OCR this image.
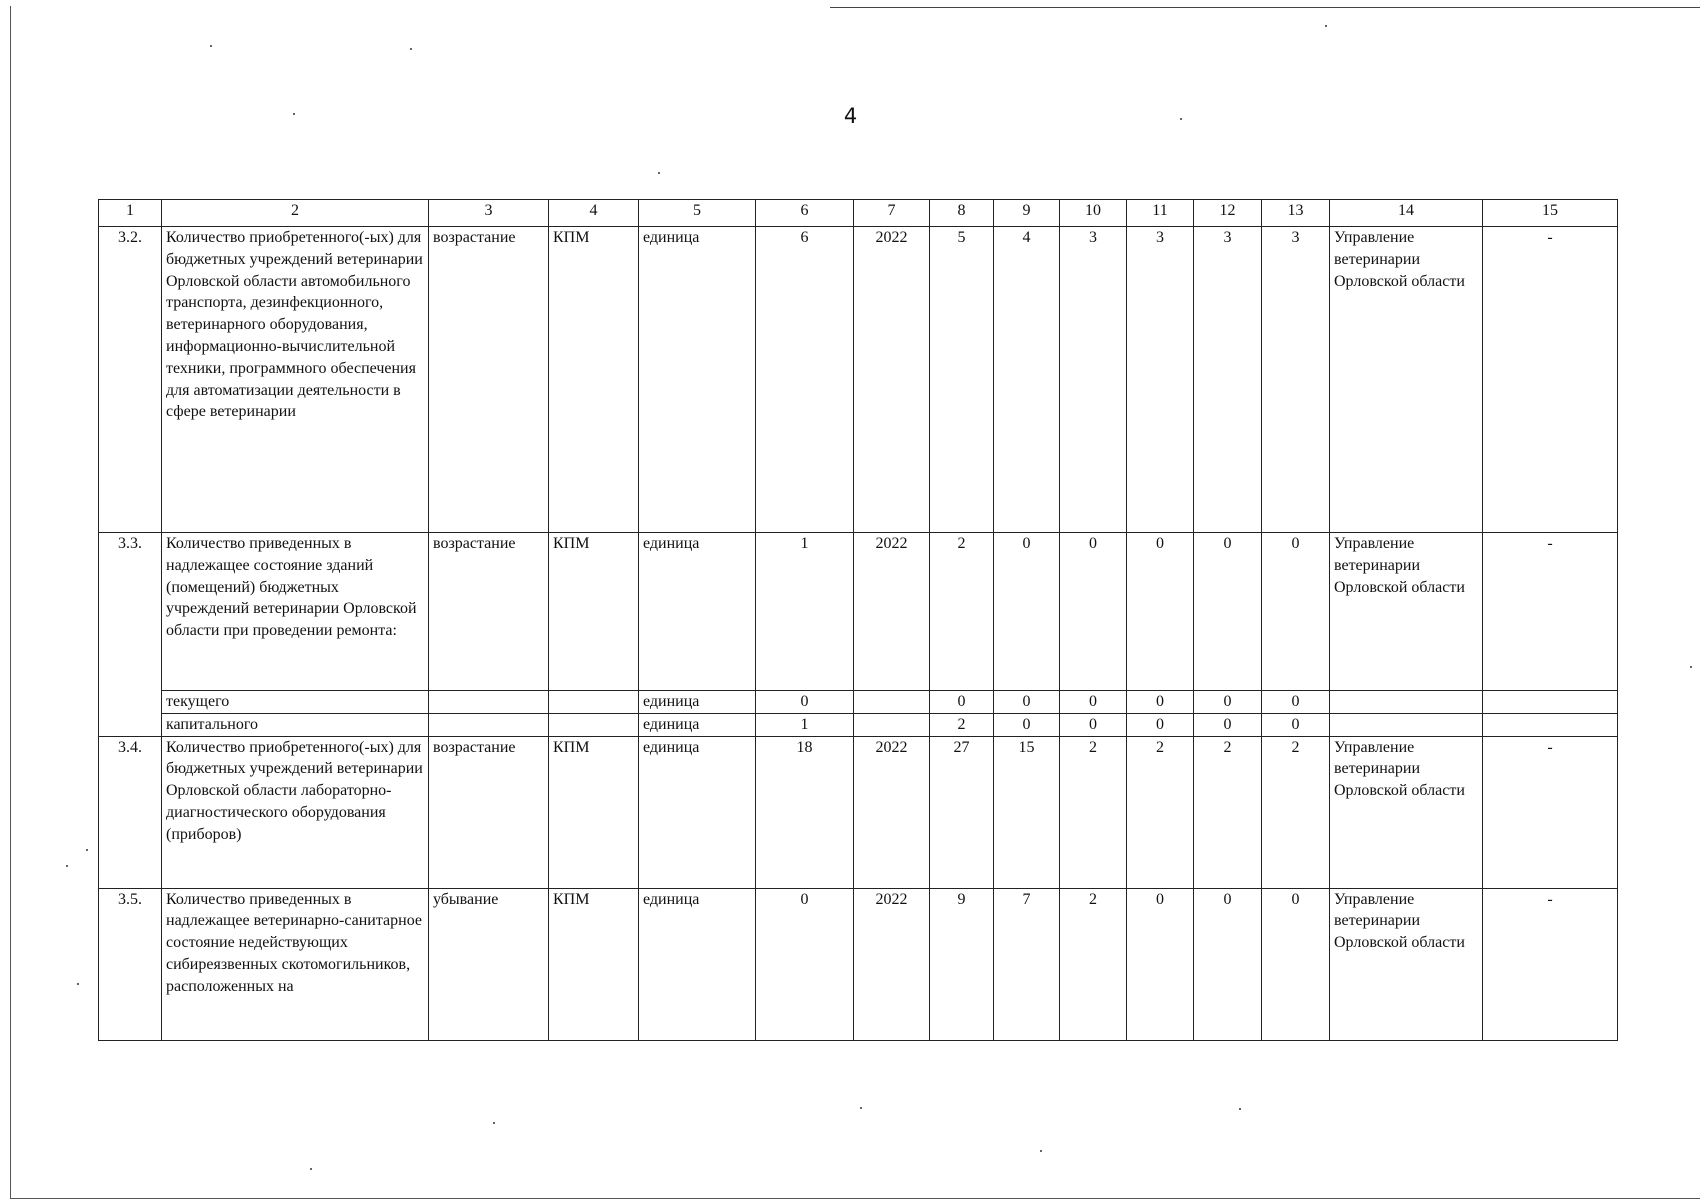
4
1	2	3	4	5	6	7	8	9	10	11	12	13	14	15
3.2.	Количество приобретенного(-ых) для бюджетных учреждений ветеринарии Орловской области автомобильного транспорта, дезинфекционного, ветеринарного оборудования, информационно-вычислительной техники, программного обеспечения для автоматизации деятельности в сфере ветеринарии	возрастание	КПМ	единица	6	2022	5	4	3	3	3	3	Управление ветеринарии Орловской области	-
3.3.	Количество приведенных в надлежащее состояние зданий (помещений) бюджетных учреждений ветеринарии Орловской области при проведении ремонта:	возрастание	КПМ	единица	1	2022	2	0	0	0	0	0	Управление ветеринарии Орловской области	-
	текущего			единица	0		0	0	0	0	0	0		
	капитального			единица	1		2	0	0	0	0	0		
3.4.	Количество приобретенного(-ых) для бюджетных учреждений ветеринарии Орловской области лабораторно-диагностического оборудования (приборов)	возрастание	КПМ	единица	18	2022	27	15	2	2	2	2	Управление ветеринарии Орловской области	-
3.5.	Количество приведенных в надлежащее ветеринарно-санитарное состояние недействующих сибиреязвенных скотомогильников, расположенных на	убывание	КПМ	единица	0	2022	9	7	2	0	0	0	Управление ветеринарии Орловской области	-
